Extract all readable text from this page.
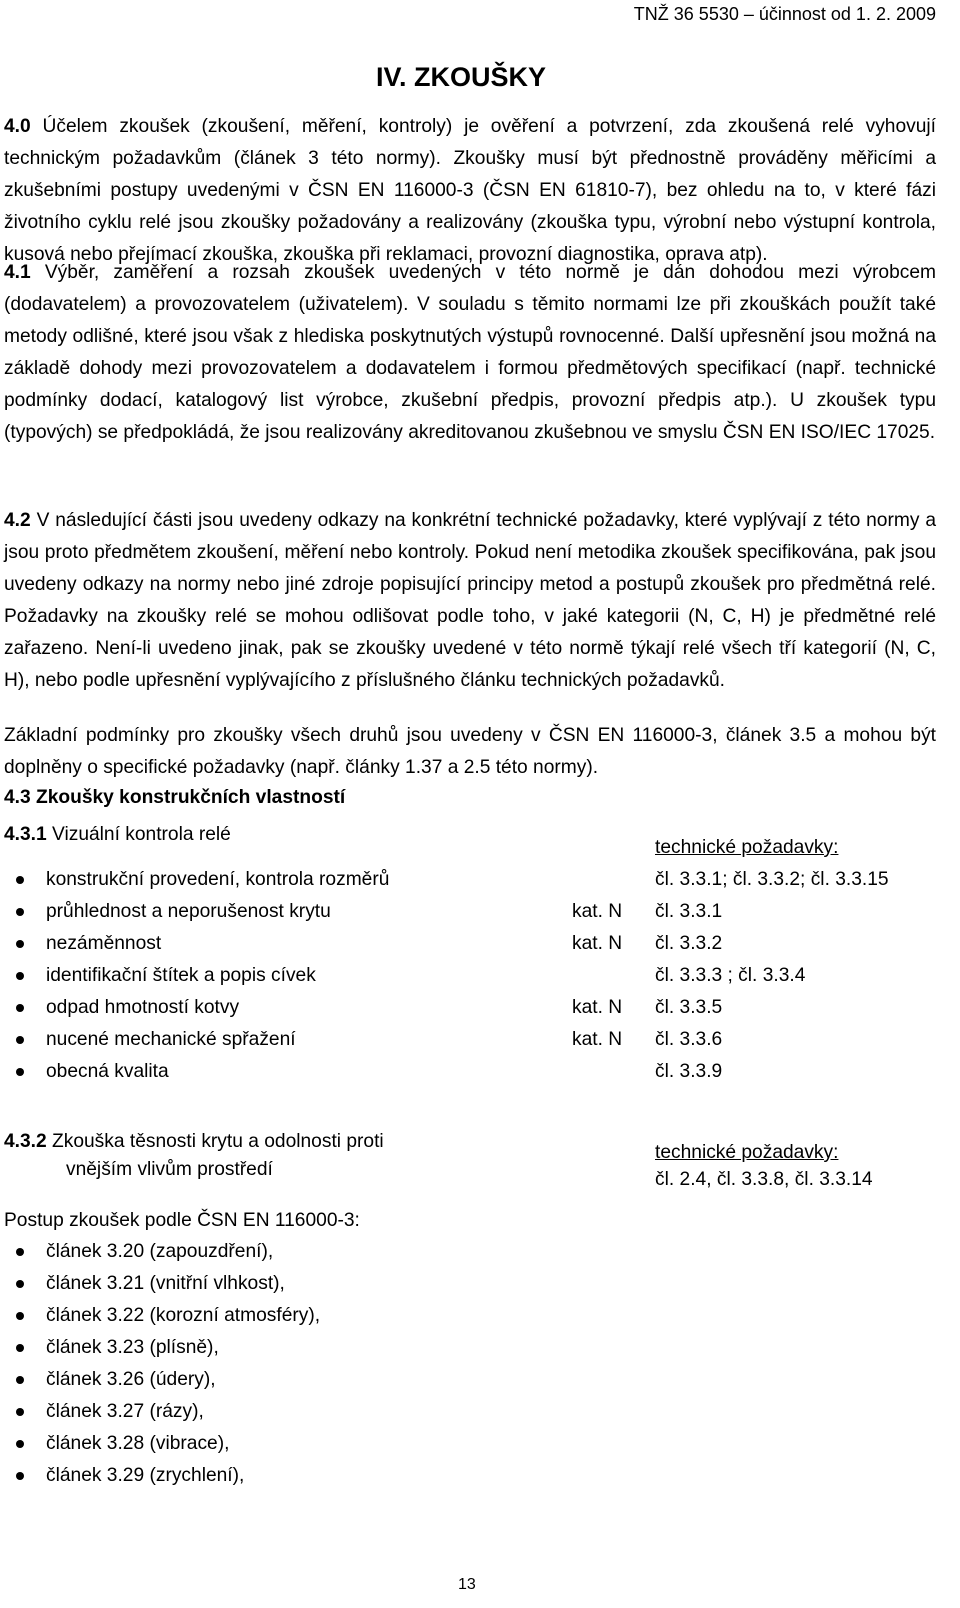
TNŽ 36 5530 – účinnost od 1. 2. 2009
IV. ZKOUŠKY
4.0 Účelem zkoušek (zkoušení, měření, kontroly) je ověření a potvrzení, zda zkoušená relé vyhovují technickým požadavkům (článek 3 této normy). Zkoušky musí být přednostně prováděny měřicími a zkušebními postupy uvedenými v ČSN EN 116000-3 (ČSN EN 61810-7), bez ohledu na to, v které fázi životního cyklu relé jsou zkoušky požadovány a realizovány (zkouška typu, výrobní nebo výstupní kontrola, kusová nebo přejímací zkouška, zkouška při reklamaci, provozní diagnostika, oprava atp).
4.1 Výběr, zaměření a rozsah zkoušek uvedených v této normě je dán dohodou mezi výrobcem (dodavatelem) a provozovatelem (uživatelem). V souladu s těmito normami lze při zkouškách použít také metody odlišné, které jsou však z hlediska poskytnutých výstupů rovnocenné. Další upřesnění jsou možná na základě dohody mezi provozovatelem a dodavatelem i formou předmětových specifikací (např. technické podmínky dodací, katalogový list výrobce, zkušební předpis, provozní předpis atp.). U zkoušek typu (typových) se předpokládá, že jsou realizovány akreditovanou zkušebnou ve smyslu ČSN EN ISO/IEC 17025.
4.2 V následující části jsou uvedeny odkazy na konkrétní technické požadavky, které vyplývají z této normy a jsou proto předmětem zkoušení, měření nebo kontroly. Pokud není metodika zkoušek specifikována, pak jsou uvedeny odkazy na normy nebo jiné zdroje popisující principy metod a postupů zkoušek pro předmětná relé. Požadavky na zkoušky relé se mohou odlišovat podle toho, v jaké kategorii (N, C, H) je předmětné relé zařazeno. Není-li uvedeno jinak, pak se zkoušky uvedené v této normě týkají relé všech tří kategorií (N, C, H), nebo podle upřesnění vyplývajícího z příslušného článku technických požadavků.
Základní podmínky pro zkoušky všech druhů jsou uvedeny v ČSN EN 116000-3, článek 3.5 a mohou být doplněny o specifické požadavky (např. články 1.37 a 2.5 této normy).
4.3 Zkoušky konstrukčních vlastností
4.3.1 Vizuální kontrola relé
technické požadavky:
konstrukční provedení, kontrola rozměrů	čl. 3.3.1; čl. 3.3.2; čl. 3.3.15
průhlednost a neporušenost krytu	kat. N čl. 3.3.1
nezáměnnost	kat. N čl. 3.3.2
identifikační štítek a popis cívek	čl. 3.3.3 ; čl. 3.3.4
odpad hmotností kotvy	kat. N čl. 3.3.5
nucené mechanické spřažení	kat. N čl. 3.3.6
obecná kvalita	čl. 3.3.9
4.3.2 Zkouška těsnosti krytu a odolnosti proti
vnějším vlivům prostředí
technické požadavky:
čl. 2.4, čl. 3.3.8, čl. 3.3.14
Postup zkoušek podle ČSN EN 116000-3:
článek 3.20 (zapouzdření),
článek 3.21 (vnitřní vlhkost),
článek 3.22 (korozní atmosféry),
článek 3.23 (plísně),
článek 3.26 (údery),
článek 3.27 (rázy),
článek 3.28 (vibrace),
článek 3.29 (zrychlení),
13
